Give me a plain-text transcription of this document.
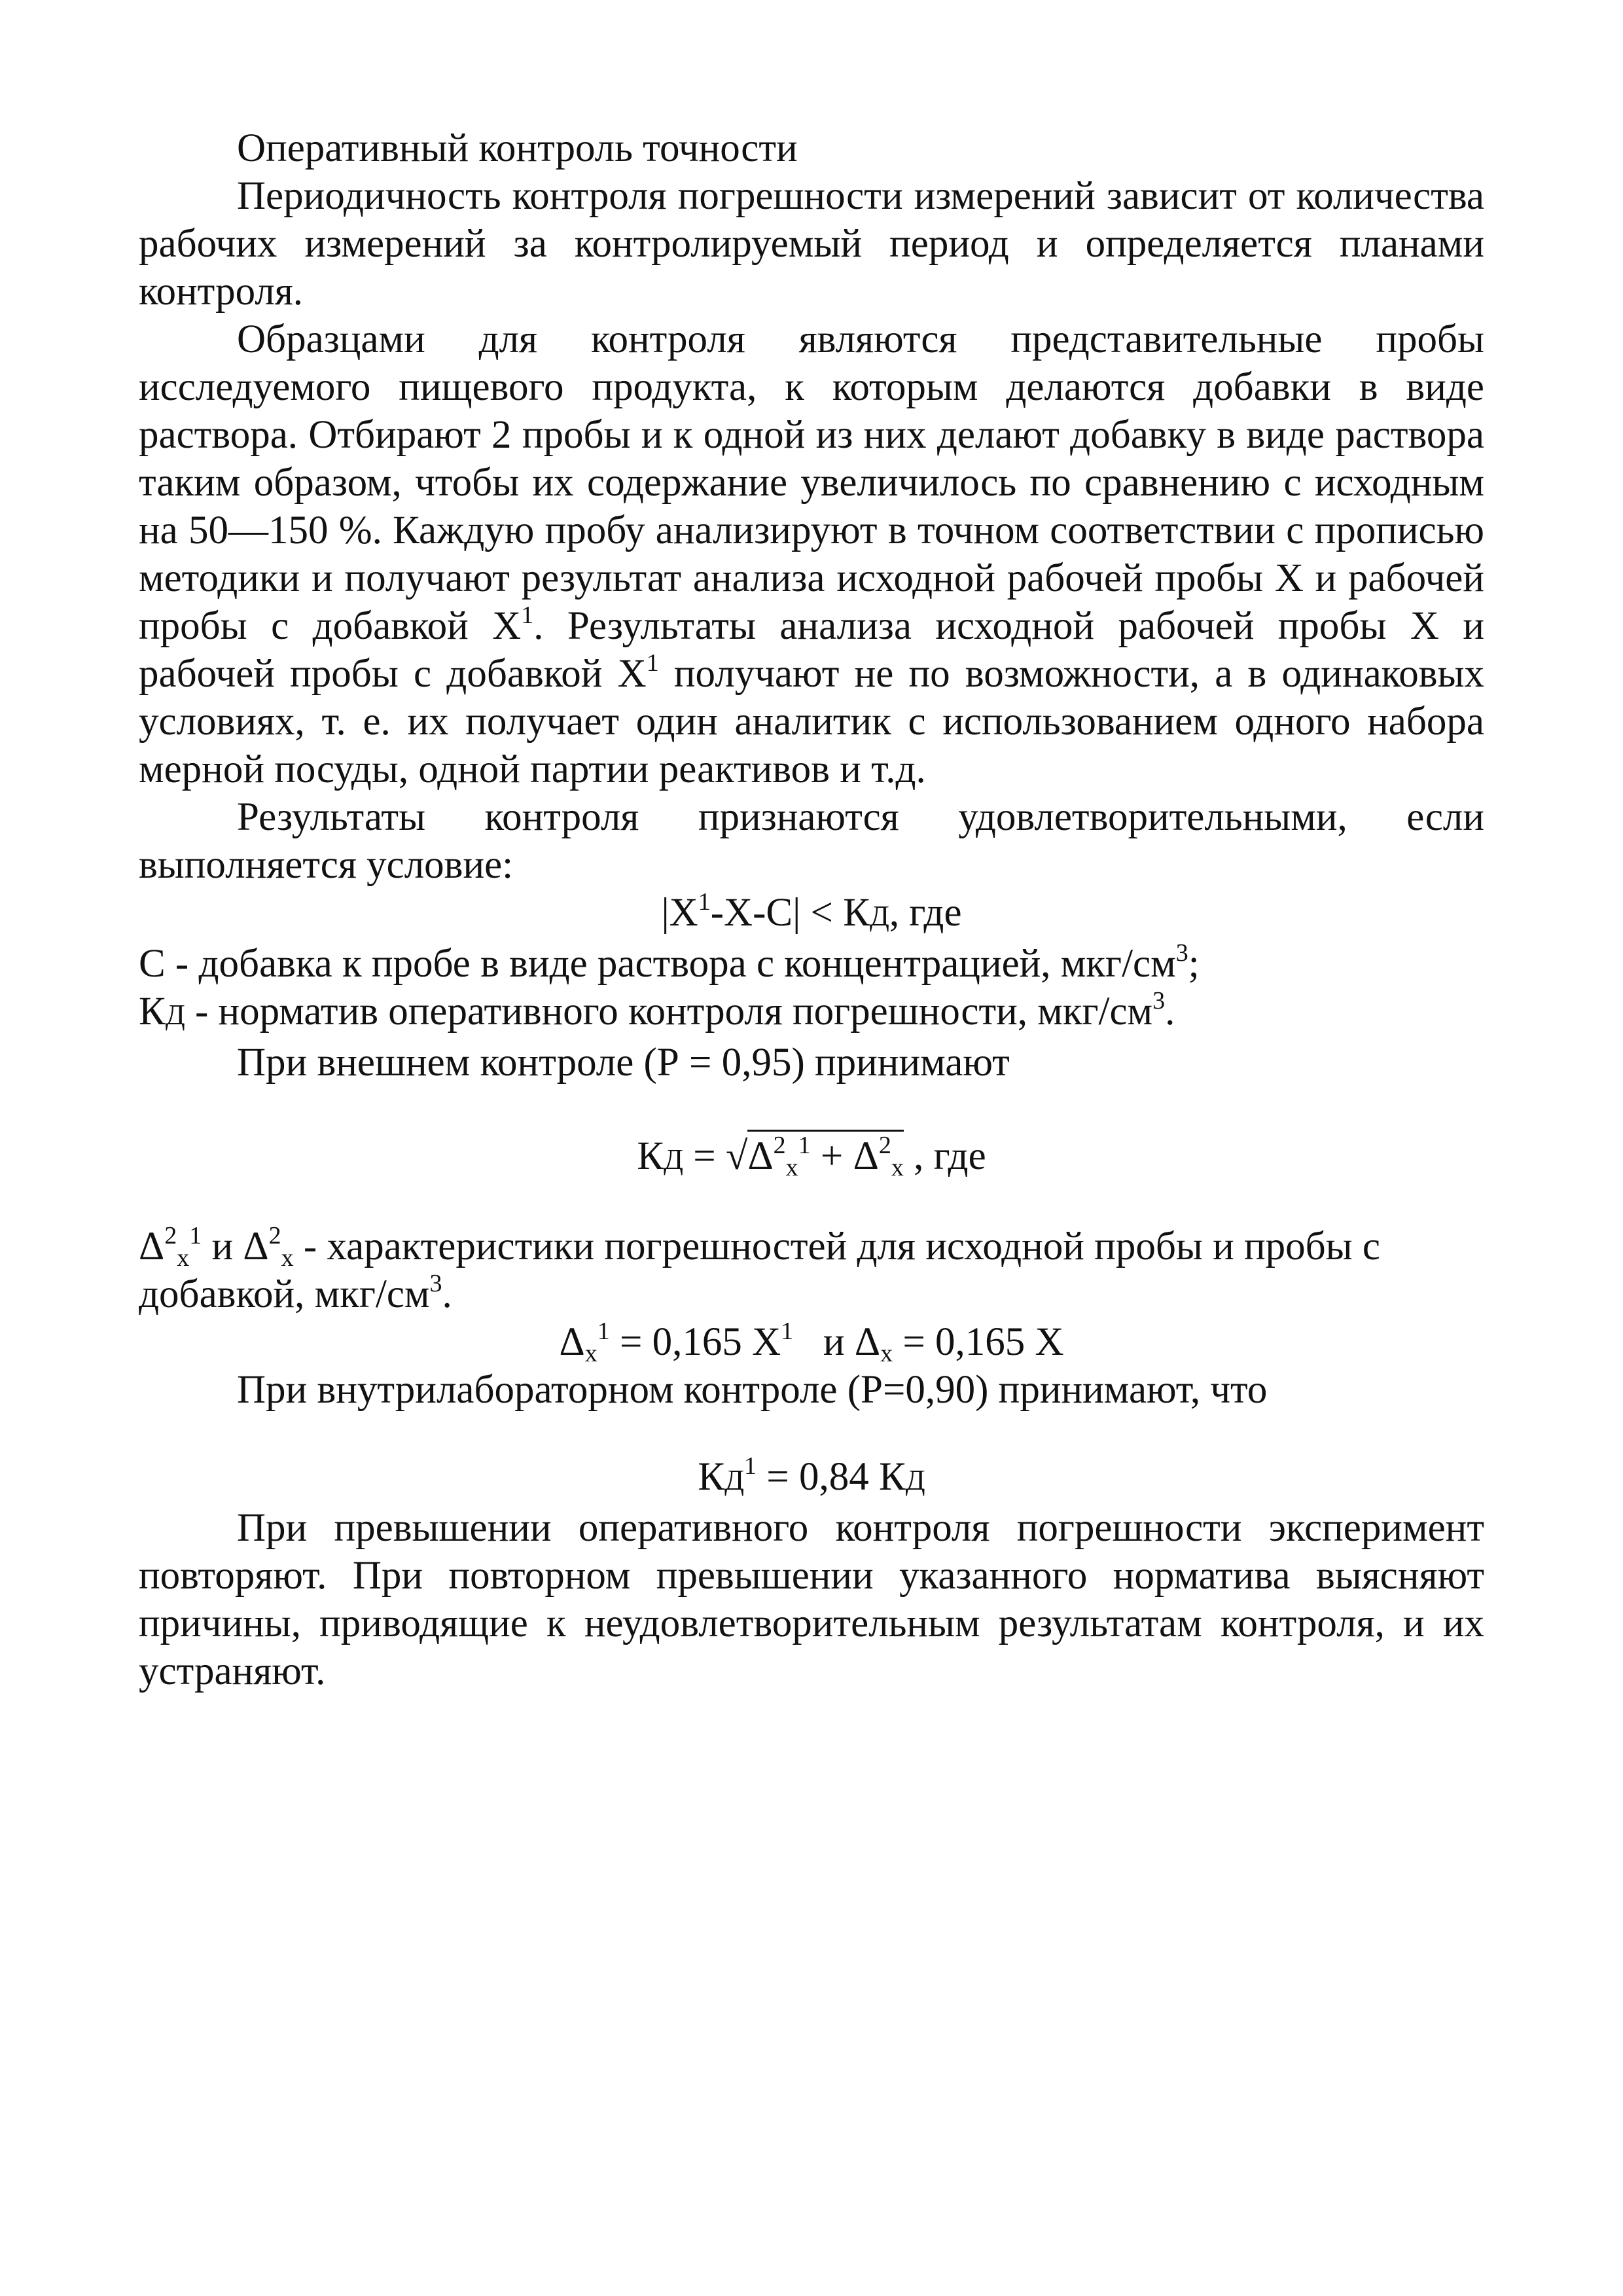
Оперативный контроль точности

Периодичность контроля погрешности измерений зависит от количества рабочих измерений за контролируемый период и определяется планами контроля.

Образцами для контроля являются представительные пробы исследуемого пищевого продукта, к которым делаются добавки в виде раствора. Отбирают 2 пробы и к одной из них делают добавку в виде раствора таким образом, чтобы их содержание увеличилось по сравнению с исходным на 50—150 %. Каждую пробу анализируют в точном соответствии с прописью методики и получают результат анализа исходной рабочей пробы X и рабочей пробы с добавкой $X^1$. Результаты анализа исходной рабочей пробы X и рабочей пробы с добавкой $X^1$ получают не по возможности, а в одинаковых условиях, т. е. их получает один аналитик с использованием одного набора мерной посуды, одной партии реактивов и т.д.

Результаты контроля признаются удовлетворительными, если выполняется условие:

$|X^1-X-C|$ < КД, где

С - добавка к пробе в виде раствора с концентрацией, мкг/$см^3$;

КД - норматив оперативного контроля погрешности, мкг/$см^3$.

При внешнем контроле (Р = 0,95) принимают

КД = $√\Delta^2_x^1 + \Delta^2_x$ , где

$\Delta^2_x^1$ и $\Delta^2_x$ - характеристики погрешностей для исходной пробы и пробы с добавкой, мкг/$см^3$.

$\Delta_x^1 = 0,165$ $X^1$   и $\Delta_x = 0,165$ X

При внутрилабораторном контроле (Р=0,90) принимают, что

$КД^1 = 0,84$ КД

При превышении оперативного контроля погрешности эксперимент повторяют. При повторном превышении указанного норматива выясняют причины, приводящие к неудовлетворительным результатам контроля, и их устраняют.
